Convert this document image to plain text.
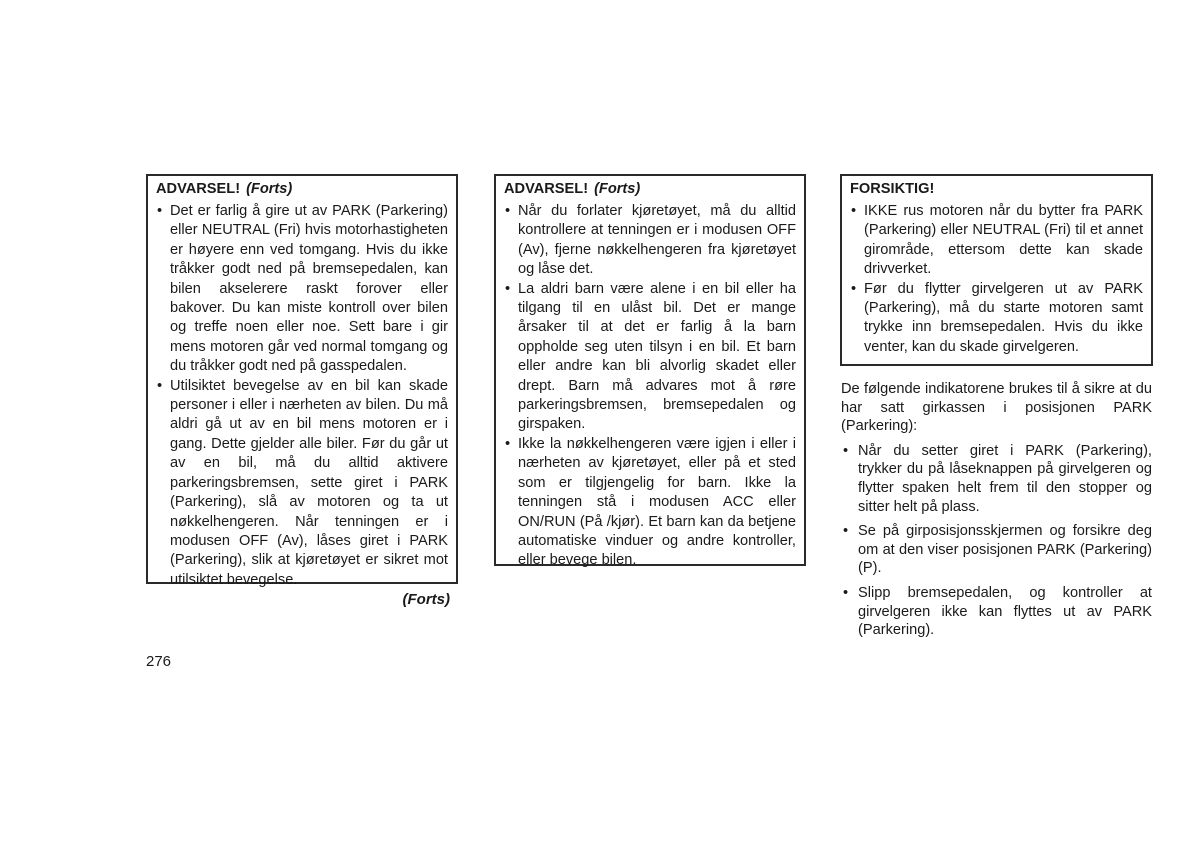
ADVARSEL! (Forts)
• Det er farlig å gire ut av PARK (Parkering) eller NEUTRAL (Fri) hvis motorhastigheten er høyere enn ved tomgang. Hvis du ikke tråkker godt ned på bremsepedalen, kan bilen akselerere raskt forover eller bakover. Du kan miste kontroll over bilen og treffe noen eller noe. Sett bare i gir mens motoren går ved normal tomgang og du tråkker godt ned på gasspedalen.
• Utilsiktet bevegelse av en bil kan skade personer i eller i nærheten av bilen. Du må aldri gå ut av en bil mens motoren er i gang. Dette gjelder alle biler. Før du går ut av en bil, må du alltid aktivere parkeringsbremsen, sette giret i PARK (Parkering), slå av motoren og ta ut nøkkelhengeren. Når tenningen er i modusen OFF (Av), låses giret i PARK (Parkering), slik at kjøretøyet er sikret mot utilsiktet bevegelse.
(Forts)
ADVARSEL! (Forts)
• Når du forlater kjøretøyet, må du alltid kontrollere at tenningen er i modusen OFF (Av), fjerne nøkkelhengeren fra kjøretøyet og låse det.
• La aldri barn være alene i en bil eller ha tilgang til en ulåst bil. Det er mange årsaker til at det er farlig å la barn oppholde seg uten tilsyn i en bil. Et barn eller andre kan bli alvorlig skadet eller drept. Barn må advares mot å røre parkeringsbremsen, bremsepedalen og girspaken.
• Ikke la nøkkelhengeren være igjen i eller i nærheten av kjøretøyet, eller på et sted som er tilgjengelig for barn. Ikke la tenningen stå i modusen ACC eller ON/RUN (På /kjør). Et barn kan da betjene automatiske vinduer og andre kontroller, eller bevege bilen.
FORSIKTIG!
• IKKE rus motoren når du bytter fra PARK (Parkering) eller NEUTRAL (Fri) til et annet girområde, ettersom dette kan skade drivverket.
• Før du flytter girvelgeren ut av PARK (Parkering), må du starte motoren samt trykke inn bremsepedalen. Hvis du ikke venter, kan du skade girvelgeren.

De følgende indikatorene brukes til å sikre at du har satt girkassen i posisjonen PARK (Parkering):

• Når du setter giret i PARK (Parkering), trykker du på låseknappen på girvelgeren og flytter spaken helt frem til den stopper og sitter helt på plass.
• Se på girposisjonsskjermen og forsikre deg om at den viser posisjonen PARK (Parkering) (P).
• Slipp bremsepedalen, og kontroller at girvelgeren ikke kan flyttes ut av PARK (Parkering).
276
